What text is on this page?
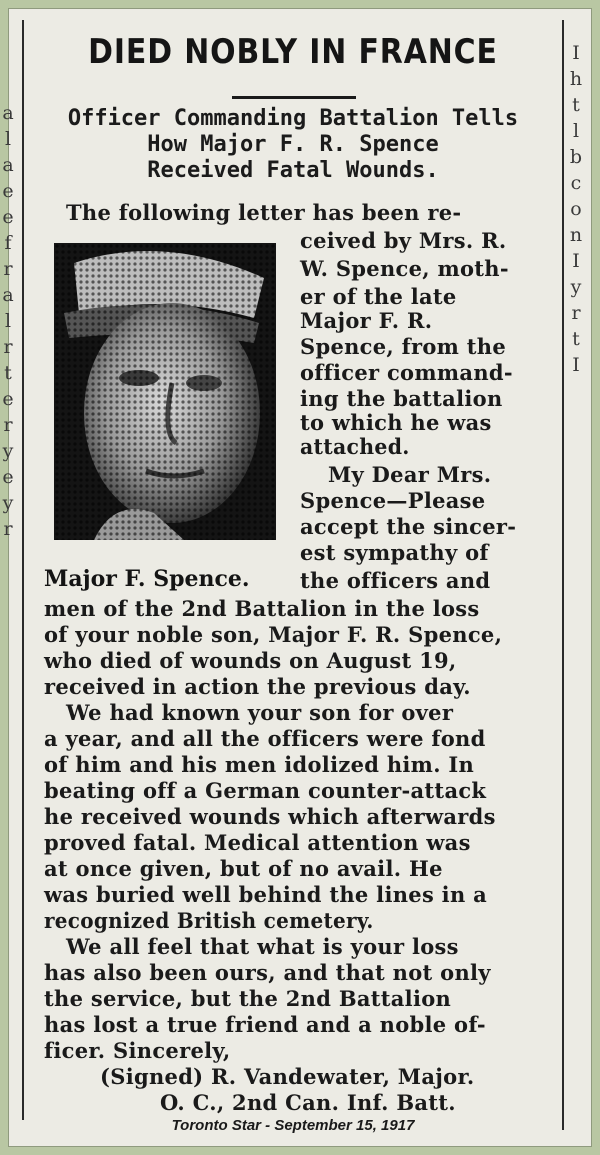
a
l
a
e
e
f
r
a
l
r
t
e
r
y
e
y
r
I
h
t
l
b
c
o
n
I
y
r
t
I
DIED NOBLY IN FRANCE
Officer Commanding Battalion Tells
How Major F. R. Spence
Received Fatal Wounds.
The following letter has been re-
ceived by Mrs. R.
W. Spence, moth-
er of the late
Major F. R.
Spence, from the
officer command-
ing the battalion
to which he was
attached.
My Dear Mrs.
Spence—Please
accept the sincer-
est sympathy of
the officers and
men of the 2nd Battalion in the loss
of your noble son, Major F. R. Spence,
who died of wounds on August 19,
received in action the previous day.
We had known your son for over
a year, and all the officers were fond
of him and his men idolized him. In
beating off a German counter-attack
he received wounds which afterwards
proved fatal. Medical attention was
at once given, but of no avail. He
was buried well behind the lines in a
recognized British cemetery.
We all feel that what is your loss
has also been ours, and that not only
the service, but the 2nd Battalion
has lost a true friend and a noble of-
ficer. Sincerely,
(Signed) R. Vandewater, Major.
O. C., 2nd Can. Inf. Batt.
Major F. Spence.
Toronto Star - September 15, 1917
